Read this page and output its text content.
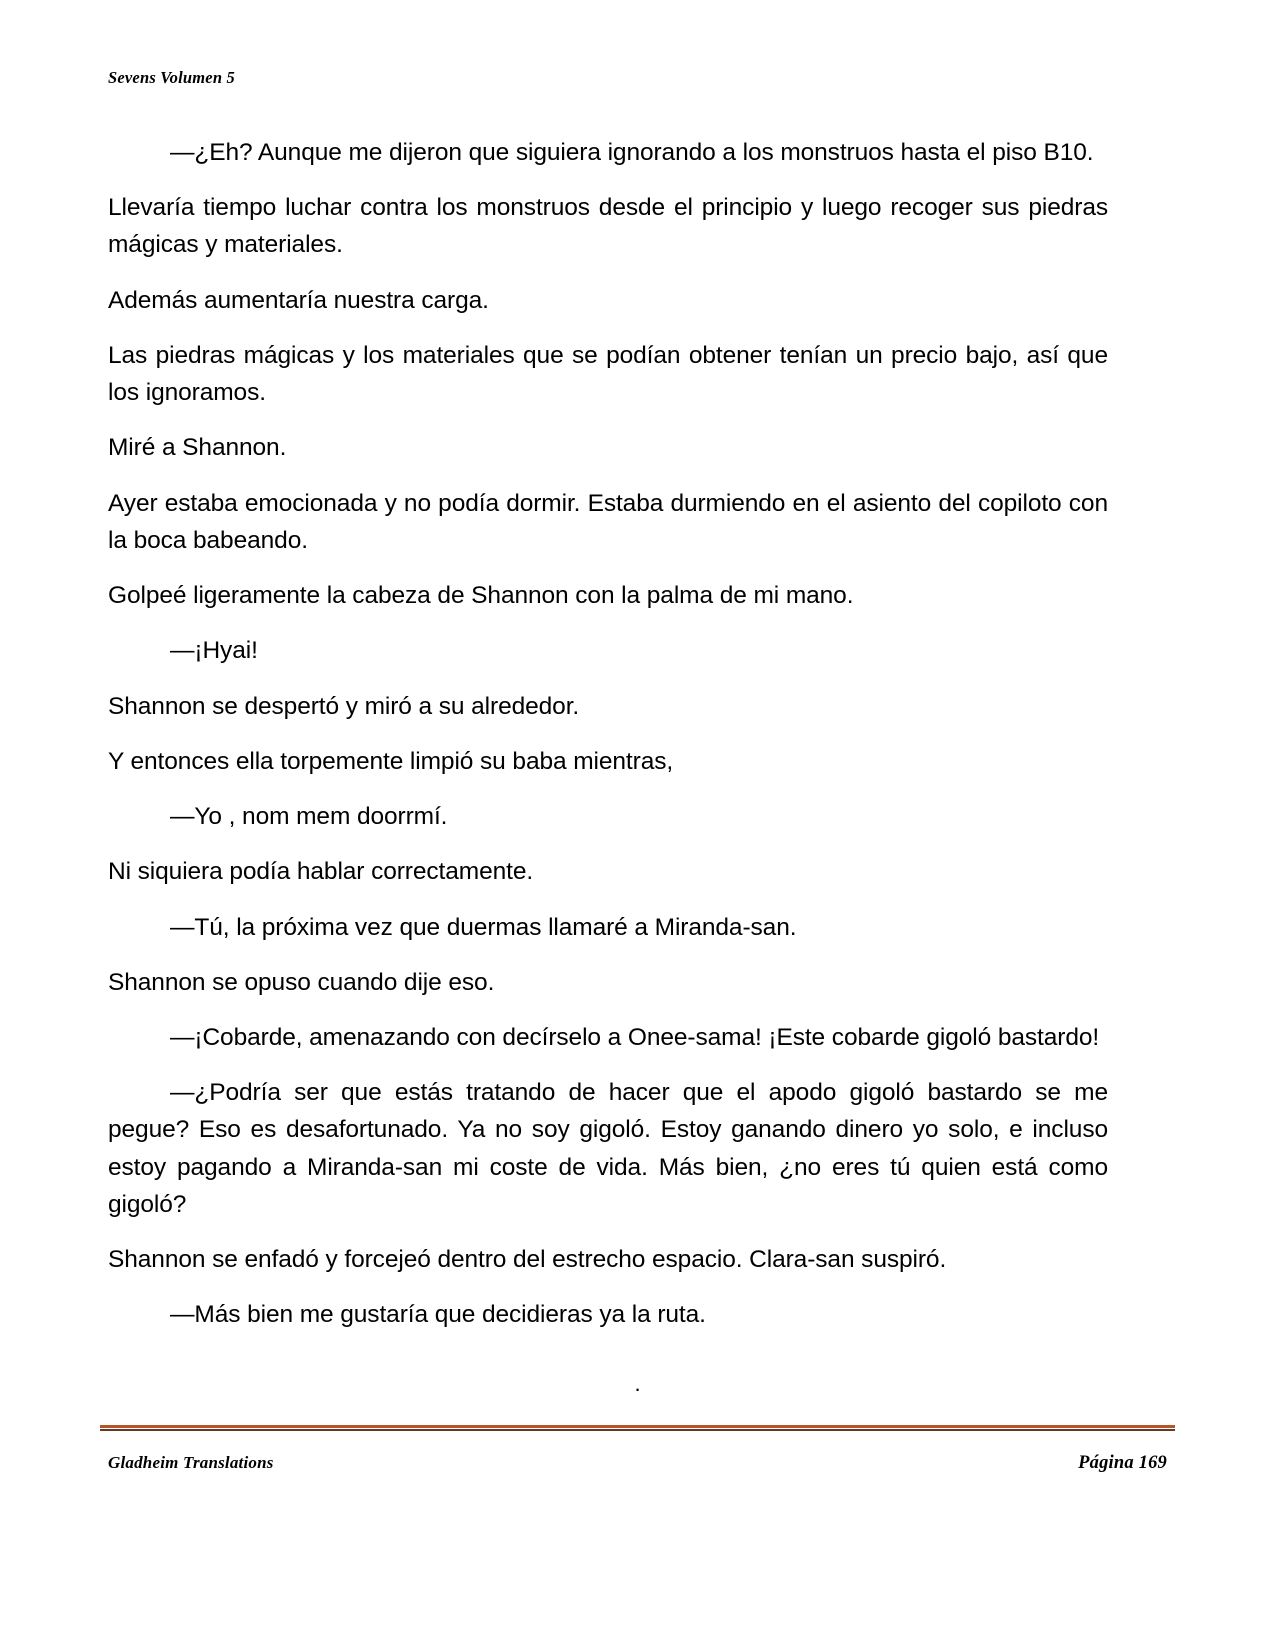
Sevens Volumen 5

—¿Eh? Aunque me dijeron que siguiera ignorando a los monstruos hasta el piso B10.

Llevaría tiempo luchar contra los monstruos desde el principio y luego recoger sus piedras mágicas y materiales.

Además aumentaría nuestra carga.

Las piedras mágicas y los materiales que se podían obtener tenían un precio bajo, así que los ignoramos.

Miré a Shannon.

Ayer estaba emocionada y no podía dormir. Estaba durmiendo en el asiento del copiloto con la boca babeando.

Golpeé ligeramente la cabeza de Shannon con la palma de mi mano.

—¡Hyai!

Shannon se despertó y miró a su alrededor.

Y entonces ella torpemente limpió su baba mientras,

—Yo , nom mem doorrmí.

Ni siquiera podía hablar correctamente.

—Tú, la próxima vez que duermas llamaré a Miranda-san.

Shannon se opuso cuando dije eso.

—¡Cobarde, amenazando con decírselo a Onee-sama! ¡Este cobarde gigoló bastardo!

—¿Podría ser que estás tratando de hacer que el apodo gigoló bastardo se me pegue? Eso es desafortunado. Ya no soy gigoló. Estoy ganando dinero yo solo, e incluso estoy pagando a Miranda-san mi coste de vida. Más bien, ¿no eres tú quien está como gigoló?

Shannon se enfadó y forcejeó dentro del estrecho espacio. Clara-san suspiró.

—Más bien me gustaría que decidieras ya la ruta.

.
Gladheim Translations	Página 169
